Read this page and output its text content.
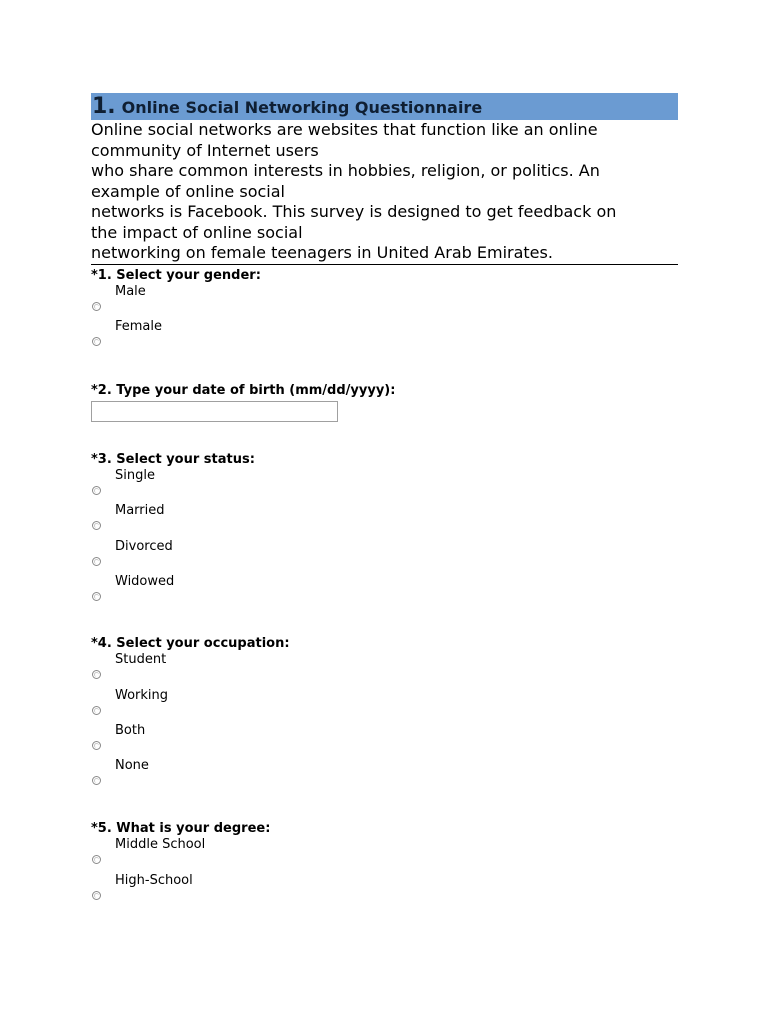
1. Online Social Networking Questionnaire
Online social networks are websites that function like an online
community of Internet users
who share common interests in hobbies, religion, or politics. An
example of online social
networks is Facebook. This survey is designed to get feedback on
the impact of online social
networking on female teenagers in United Arab Emirates.
*1. Select your gender:
Male
Female
*2. Type your date of birth (mm/dd/yyyy):
*3. Select your status:
Single
Married
Divorced
Widowed
*4. Select your occupation:
Student
Working
Both
None
*5. What is your degree:
Middle School
High-School
